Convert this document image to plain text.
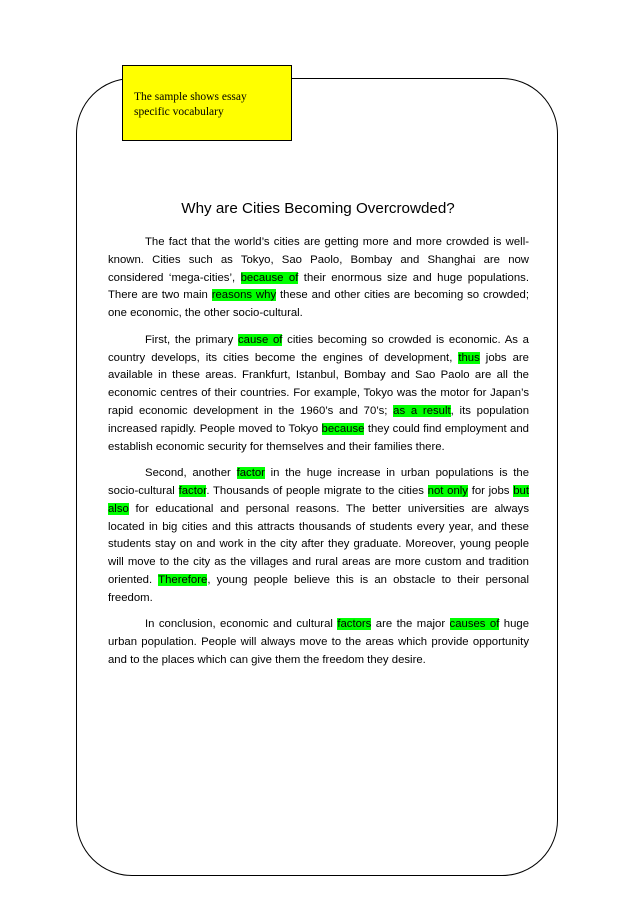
The sample shows essay
specific vocabulary
Why are Cities Becoming Overcrowded?

The fact that the world’s cities are getting more and more crowded is well-known. Cities such as Tokyo, Sao Paolo, Bombay and Shanghai are now considered ‘mega-cities’, because of their enormous size and huge populations. There are two main reasons why these and other cities are becoming so crowded; one economic, the other socio-cultural.

First, the primary cause of cities becoming so crowded is economic. As a country develops, its cities become the engines of development, thus jobs are available in these areas. Frankfurt, Istanbul, Bombay and Sao Paolo are all the economic centres of their countries. For example, Tokyo was the motor for Japan’s rapid economic development in the 1960’s and 70’s; as a result, its population increased rapidly. People moved to Tokyo because they could find employment and establish economic security for themselves and their families there.

Second, another factor in the huge increase in urban populations is the socio-cultural factor. Thousands of people migrate to the cities not only for jobs but also for educational and personal reasons. The better universities are always located in big cities and this attracts thousands of students every year, and these students stay on and work in the city after they graduate. Moreover, young people will move to the city as the villages and rural areas are more custom and tradition oriented. Therefore, young people believe this is an obstacle to their personal freedom.

In conclusion, economic and cultural factors are the major causes of huge urban population. People will always move to the areas which provide opportunity and to the places which can give them the freedom they desire.
